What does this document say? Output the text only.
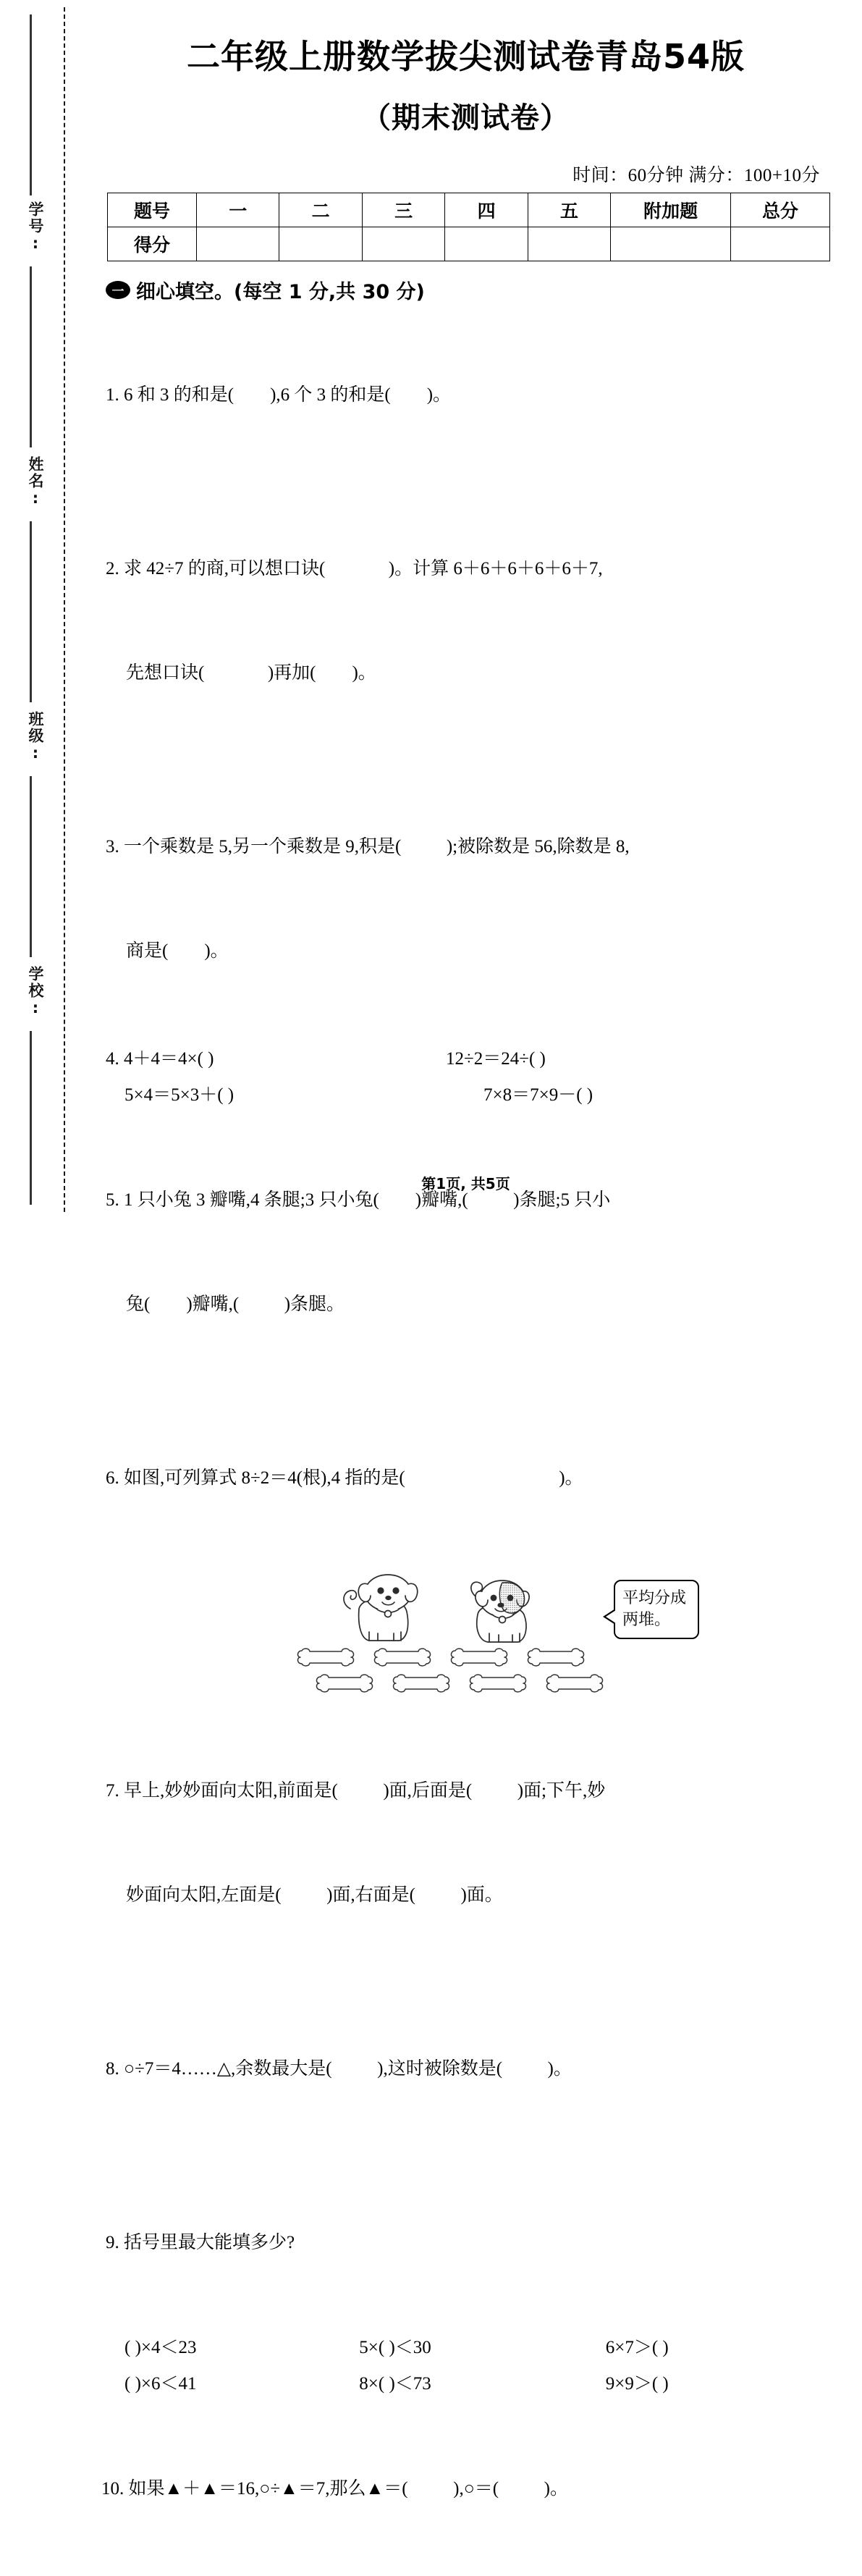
学号:
姓名:
班级:
学校:
二年级上册数学拔尖测试卷青岛54版
（期末测试卷）
时间：60分钟 满分：100+10分
题号	一	二	三	四	五	附加题	总分
得分							
一 细心填空。(每空 1 分,共 30 分)

1. 6 和 3 的和是(        ),6 个 3 的和是(        )。

2. 求 42÷7 的商,可以想口诀(              )。计算 6＋6＋6＋6＋6＋7,

先想口诀(              )再加(        )。

3. 一个乘数是 5,另一个乘数是 9,积是(          );被除数是 56,除数是 8,

商是(        )。

4. 4＋4＝4×( )	12÷2＝24÷( )
5×4＝5×3＋( )	7×8＝7×9－( )

5. 1 只小兔 3 瓣嘴,4 条腿;3 只小兔(        )瓣嘴,(          )条腿;5 只小

兔(        )瓣嘴,(          )条腿。

6. 如图,可列算式 8÷2＝4(根),4 指的是(                                  )。

平均分成两堆。

7. 早上,妙妙面向太阳,前面是(          )面,后面是(          )面;下午,妙

妙面向太阳,左面是(          )面,右面是(          )面。

8. ○÷7＝4……△,余数最大是(          ),这时被除数是(          )。

9. 括号里最大能填多少?

( )×4＜23	5×( )＜30	6×7＞( )
( )×6＜41	8×( )＜73	9×9＞( )

10. 如果▲＋▲＝16,○÷▲＝7,那么▲＝(          ),○＝(          )。

第1页, 共5页
